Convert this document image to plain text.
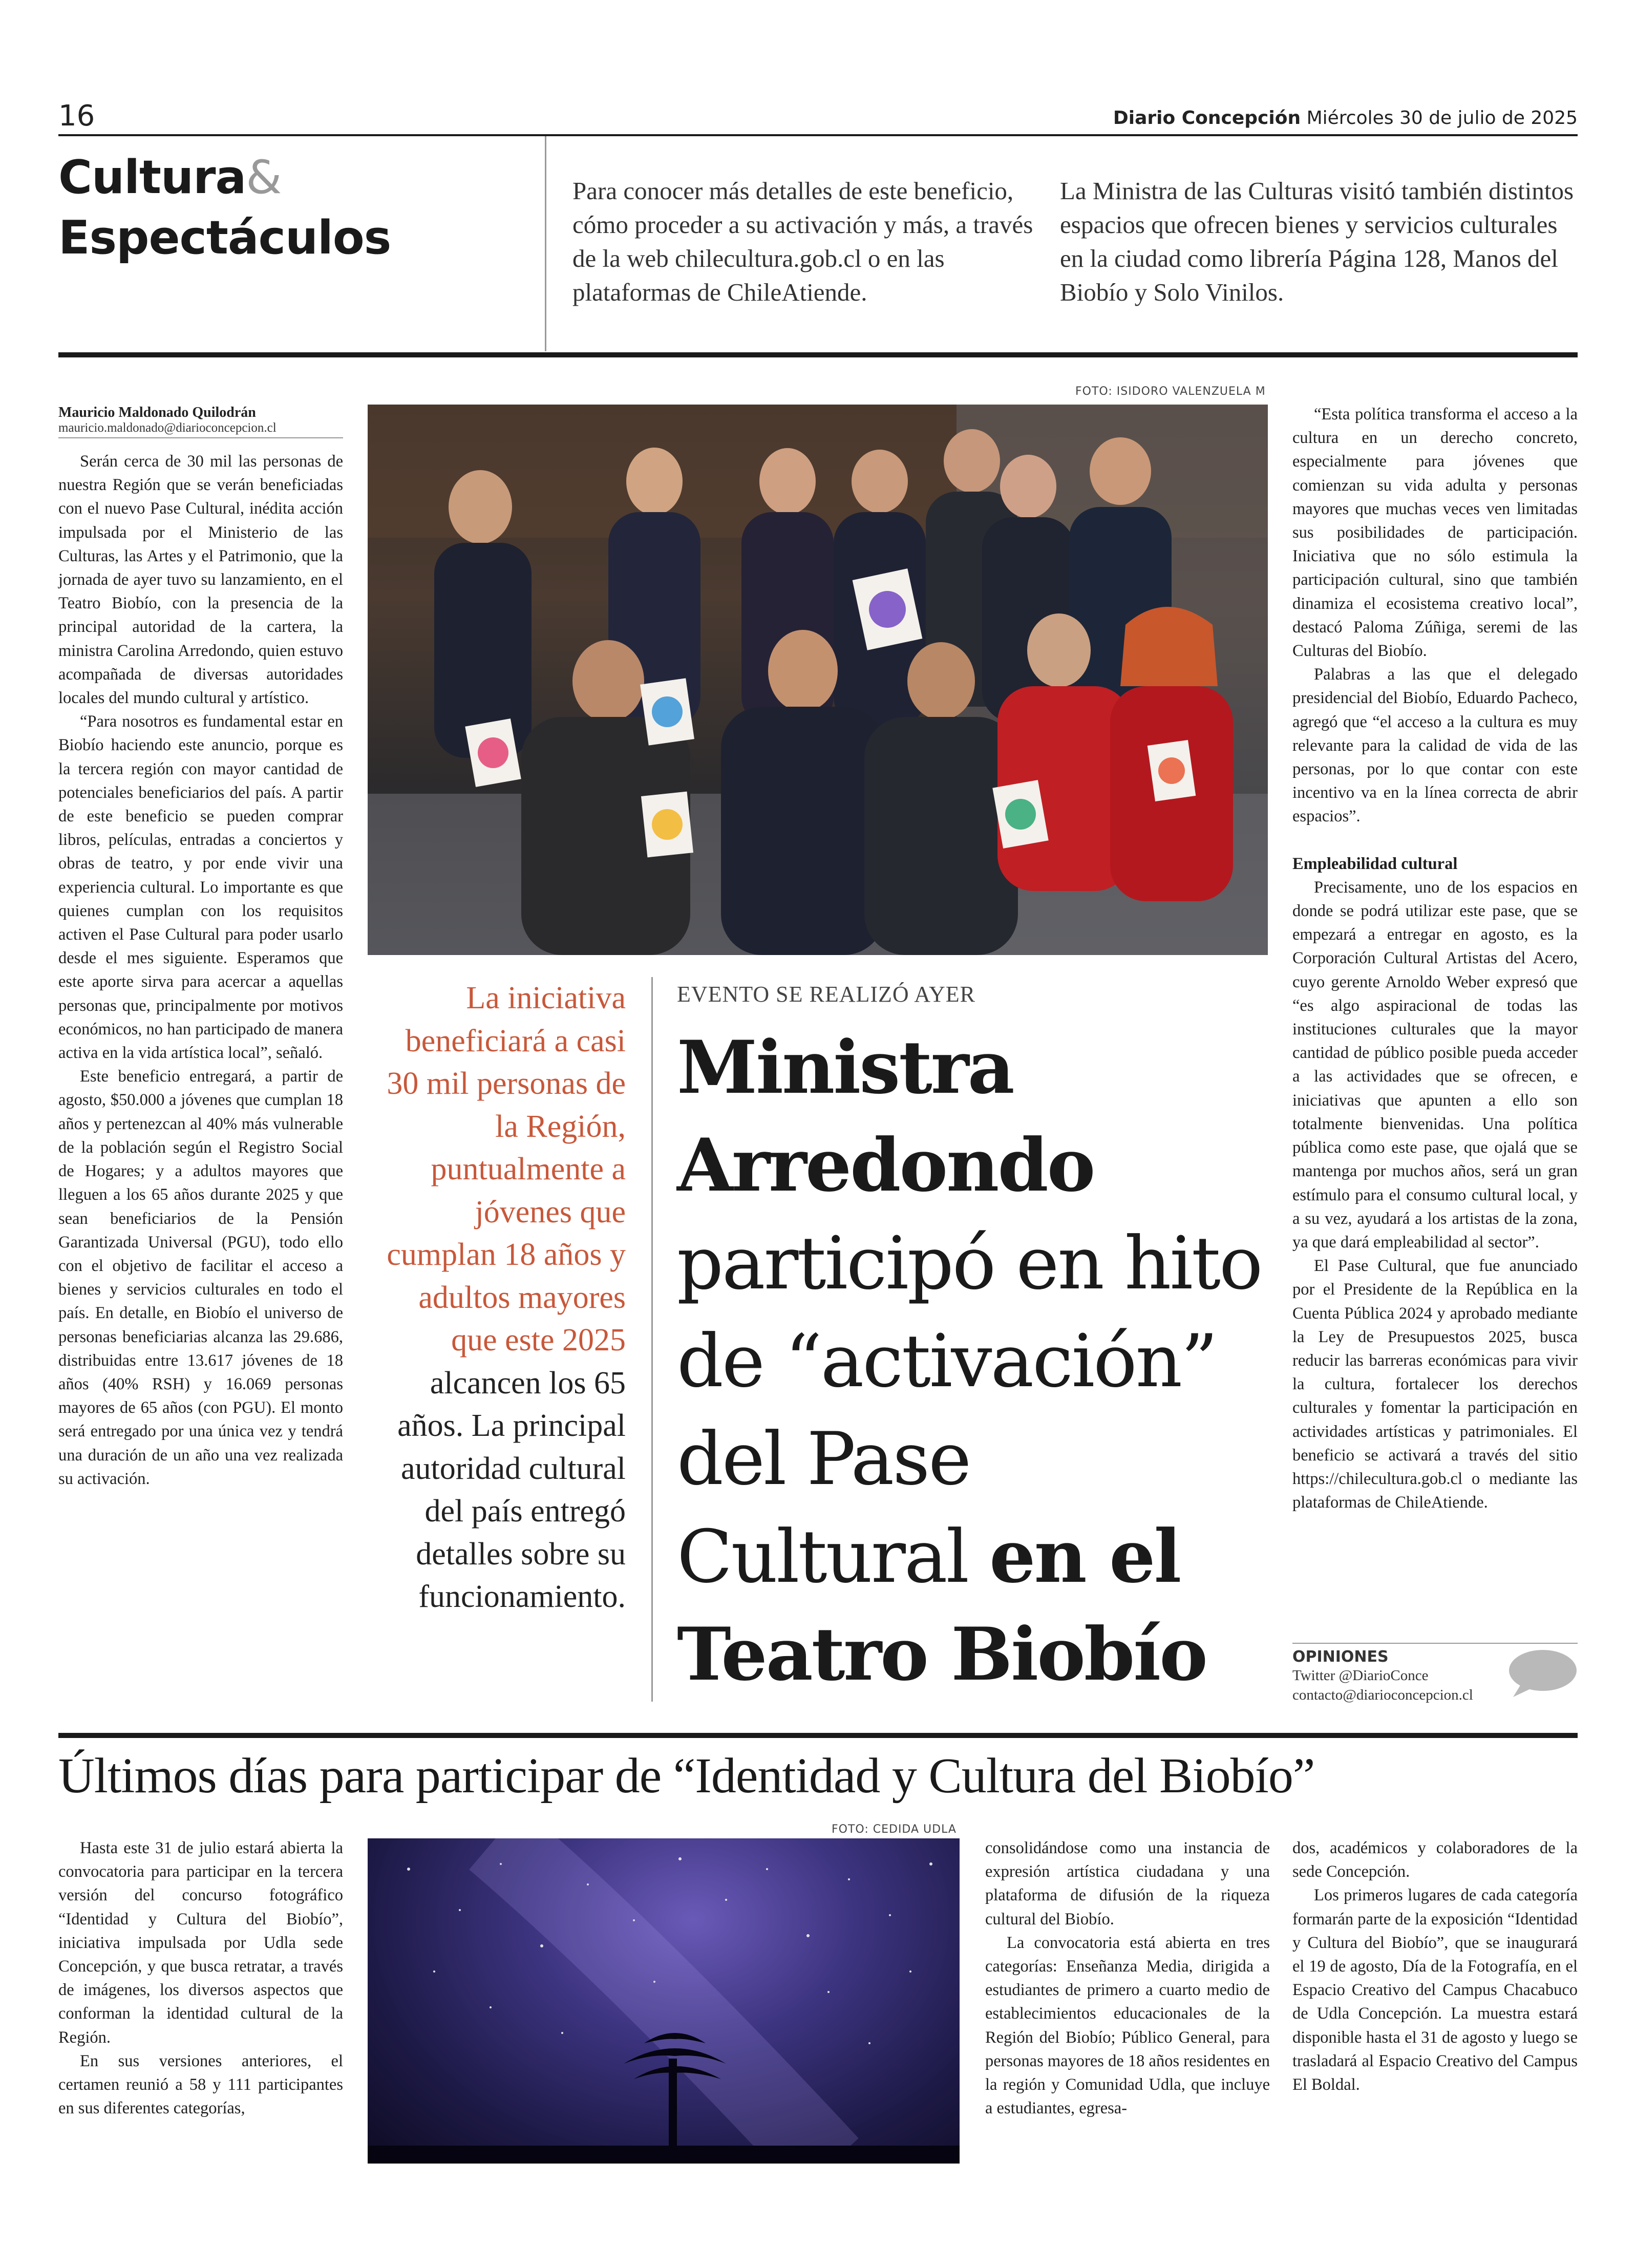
16	Diario Concepción Miércoles 30 de julio de 2025
Cultura&
Espectáculos
Para conocer más detalles de este beneficio, cómo proceder a su activación y más, a través de la web chilecultura.gob.cl o en las plataformas de ChileAtiende.
La Ministra de las Culturas visitó también distintos espacios que ofrecen bienes y servicios culturales en la ciudad como librería Página 128, Manos del Biobío y Solo Vinilos.
Mauricio Maldonado Quilodrán
mauricio.maldonado@diarioconcepcion.cl

Serán cerca de 30 mil las personas de nuestra Región que se verán beneficiadas con el nuevo Pase Cultural, inédita acción impulsada por el Ministerio de las Culturas, las Artes y el Patrimonio, que la jornada de ayer tuvo su lanzamiento, en el Teatro Biobío, con la presencia de la principal autoridad de la cartera, la ministra Carolina Arredondo, quien estuvo acompañada de diversas autoridades locales del mundo cultural y artístico.

“Para nosotros es fundamental estar en Biobío haciendo este anuncio, porque es la tercera región con mayor cantidad de potenciales beneficiarios del país. A partir de este beneficio se pueden comprar libros, películas, entradas a conciertos y obras de teatro, y por ende vivir una experiencia cultural. Lo importante es que quienes cumplan con los requisitos activen el Pase Cultural para poder usarlo desde el mes siguiente. Esperamos que este aporte sirva para acercar a aquellas personas que, principalmente por motivos económicos, no han participado de manera activa en la vida artística local”, señaló.

Este beneficio entregará, a partir de agosto, $50.000 a jóvenes que cumplan 18 años y pertenezcan al 40% más vulnerable de la población según el Registro Social de Hogares; y a adultos mayores que lleguen a los 65 años durante 2025 y que sean beneficiarios de la Pensión Garantizada Universal (PGU), todo ello con el objetivo de facilitar el acceso a bienes y servicios culturales en todo el país. En detalle, en Biobío el universo de personas beneficiarias alcanza las 29.686, distribuidas entre 13.617 jóvenes de 18 años (40% RSH) y 16.069 personas mayores de 65 años (con PGU). El monto será entregado por una única vez y tendrá una duración de un año una vez realizada su activación.

FOTO: ISIDORO VALENZUELA M
La iniciativa beneficiará a casi 30 mil personas de la Región, puntualmente a jóvenes que cumplan 18 años y adultos mayores que este 2025 alcancen los 65 años. La principal autoridad cultural del país entregó detalles sobre su funcionamiento.
EVENTO SE REALIZÓ AYER
Ministra Arredondo participó en hito de “activación” del Pase Cultural en el Teatro Biobío

“Esta política transforma el acceso a la cultura en un derecho concreto, especialmente para jóvenes que comienzan su vida adulta y personas mayores que muchas veces ven limitadas sus posibilidades de participación. Iniciativa que no sólo estimula la participación cultural, sino que también dinamiza el ecosistema creativo local”, destacó Paloma Zúñiga, seremi de las Culturas del Biobío.

Palabras a las que el delegado presidencial del Biobío, Eduardo Pacheco, agregó que “el acceso a la cultura es muy relevante para la calidad de vida de las personas, por lo que contar con este incentivo va en la línea correcta de abrir espacios”.

Empleabilidad cultural

Precisamente, uno de los espacios en donde se podrá utilizar este pase, que se empezará a entregar en agosto, es la Corporación Cultural Artistas del Acero, cuyo gerente Arnoldo Weber expresó que “es algo aspiracional de todas las instituciones culturales que la mayor cantidad de público posible pueda acceder a las actividades que se ofrecen, e iniciativas que apunten a ello son totalmente bienvenidas. Una política pública como este pase, que ojalá que se mantenga por muchos años, será un gran estímulo para el consumo cultural local, y a su vez, ayudará a los artistas de la zona, ya que dará empleabilidad al sector”.

El Pase Cultural, que fue anunciado por el Presidente de la República en la Cuenta Pública 2024 y aprobado mediante la Ley de Presupuestos 2025, busca reducir las barreras económicas para vivir la cultura, fortalecer los derechos culturales y fomentar la participación en actividades artísticas y patrimoniales. El beneficio se activará a través del sitio https://chilecultura.gob.cl o mediante las plataformas de ChileAtiende.

OPINIONES
Twitter @DiarioConce
contacto@diarioconcepcion.cl
Últimos días para participar de “Identidad y Cultura del Biobío”

Hasta este 31 de julio estará abierta la convocatoria para participar en la tercera versión del concurso fotográfico “Identidad y Cultura del Biobío”, iniciativa impulsada por Udla sede Concepción, y que busca retratar, a través de imágenes, los diversos aspectos que conforman la identidad cultural de la Región.

En sus versiones anteriores, el certamen reunió a 58 y 111 participantes en sus diferentes categorías,

FOTO: CEDIDA UDLA

consolidándose como una instancia de expresión artística ciudadana y una plataforma de difusión de la riqueza cultural del Biobío.

La convocatoria está abierta en tres categorías: Enseñanza Media, dirigida a estudiantes de primero a cuarto medio de establecimientos educacionales de la Región del Biobío; Público General, para personas mayores de 18 años residentes en la región y Comunidad Udla, que incluye a estudiantes, egresa-

dos, académicos y colaboradores de la sede Concepción.

Los primeros lugares de cada categoría formarán parte de la exposición “Identidad y Cultura del Biobío”, que se inaugurará el 19 de agosto, Día de la Fotografía, en el Espacio Creativo del Campus Chacabuco de Udla Concepción. La muestra estará disponible hasta el 31 de agosto y luego se trasladará al Espacio Creativo del Campus El Boldal.
